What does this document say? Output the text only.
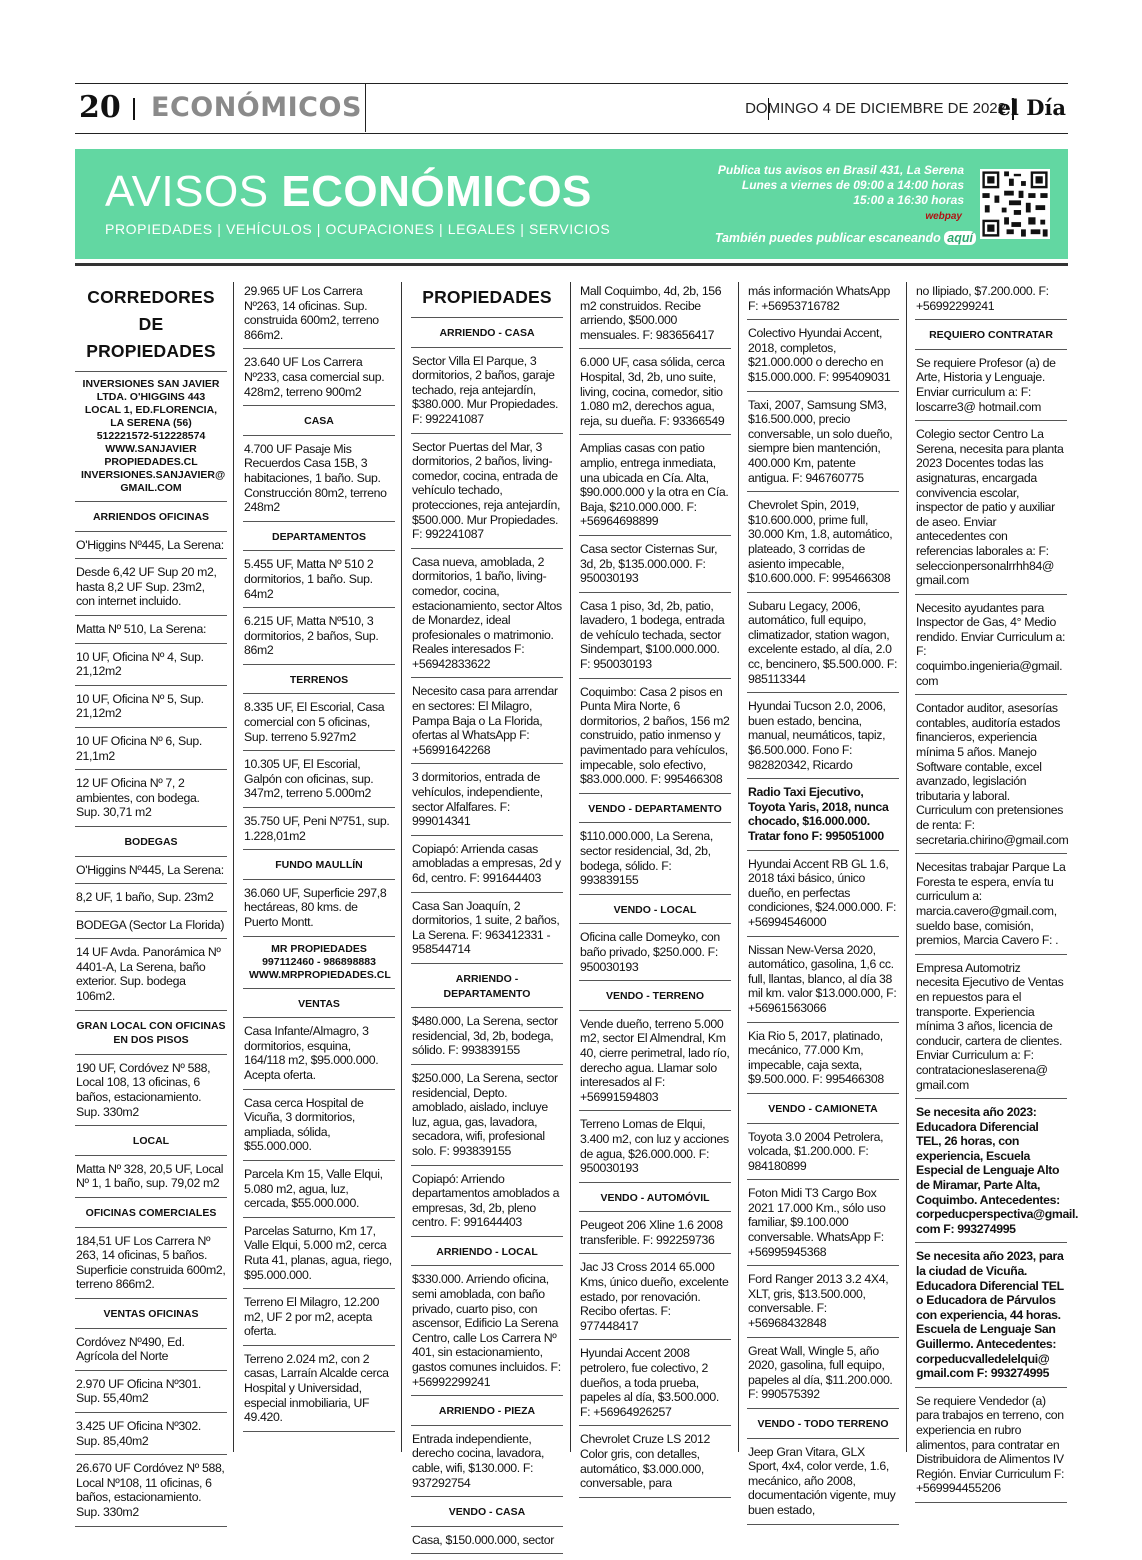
20 ECONÓMICOS	DOMINGO 4 DE DICIEMBRE DE 2022
el Día
AVISOS ECONÓMICOS
PROPIEDADES | VEHÍCULOS | OCUPACIONES | LEGALES | SERVICIOS
Publica tus avisos en Brasil 431, La Serena
Lunes a viernes de 09:00 a 14:00 horas
15:00 a 16:30 horas
webpay
También puedes publicar escaneando aquí
CORREDORES DE PROPIEDADES
INVERSIONES SAN JAVIER LTDA. O'HIGGINS 443 LOCAL 1, ED.FLORENCIA, LA SERENA (56) 512221572-512228574 WWW.SANJAVIER PROPIEDADES.CL INVERSIONES.SANJAVIER@ GMAIL.COM
ARRIENDOS OFICINAS
O'Higgins Nº445, La Serena:
Desde 6,42 UF Sup 20 m2, hasta 8,2 UF Sup. 23m2, con internet incluido.
Matta Nº 510, La Serena:
10 UF, Oficina Nº 4, Sup. 21,12m2
10 UF, Oficina Nº 5, Sup. 21,12m2
10 UF Oficina Nº 6, Sup. 21,1m2
12 UF Oficina Nº 7, 2 ambientes, con bodega. Sup. 30,71 m2
BODEGAS
O'Higgins Nº445, La Serena:
8,2 UF, 1 baño, Sup. 23m2
BODEGA (Sector La Florida)
14 UF Avda. Panorámica Nº 4401-A, La Serena, baño exterior. Sup. bodega 106m2.
GRAN LOCAL CON OFICINAS EN DOS PISOS
190 UF, Cordóvez Nº 588, Local 108, 13 oficinas, 6 baños, estacionamiento. Sup. 330m2
LOCAL
Matta Nº 328, 20,5 UF, Local Nº 1, 1 baño, sup. 79,02 m2
OFICINAS COMERCIALES
184,51 UF Los Carrera Nº 263, 14 oficinas, 5 baños. Superficie construida 600m2, terreno 866m2.
VENTAS OFICINAS
Cordóvez Nº490, Ed. Agrícola del Norte
2.970 UF Oficina Nº301. Sup. 55,40m2
3.425 UF Oficina Nº302. Sup. 85,40m2
26.670 UF Cordóvez Nº 588, Local Nº108, 11 oficinas, 6 baños, estacionamiento. Sup. 330m2
29.965 UF Los Carrera Nº263, 14 oficinas. Sup. construida 600m2, terreno 866m2.
23.640 UF Los Carrera Nº233, casa comercial sup. 428m2, terreno 900m2
CASA
4.700 UF Pasaje Mis Recuerdos Casa 15B, 3 habitaciones, 1 baño. Sup. Construcción 80m2, terreno 248m2
DEPARTAMENTOS
5.455 UF, Matta Nº 510 2 dormitorios, 1 baño. Sup. 64m2
6.215 UF, Matta Nº510, 3 dormitorios, 2 baños, Sup. 86m2
TERRENOS
8.335 UF, El Escorial, Casa comercial con 5 oficinas, Sup. terreno 5.927m2
10.305 UF, El Escorial, Galpón con oficinas, sup. 347m2, terreno 5.000m2
35.750 UF, Peni Nº751, sup. 1.228,01m2
FUNDO MAULLÍN
36.060 UF, Superficie 297,8 hectáreas, 80 kms. de Puerto Montt.
MR PROPIEDADES 997112460 - 986898883 WWW.MRPROPIEDADES.CL
VENTAS
Casa Infante/Almagro, 3 dormitorios, esquina, 164/118 m2, $95.000.000. Acepta oferta.
Casa cerca Hospital de Vicuña, 3 dormitorios, ampliada, sólida, $55.000.000.
Parcela Km 15, Valle Elqui, 5.080 m2, agua, luz, cercada, $55.000.000.
Parcelas Saturno, Km 17, Valle Elqui, 5.000 m2, cerca Ruta 41, planas, agua, riego, $95.000.000.
Terreno El Milagro, 12.200 m2, UF 2 por m2, acepta oferta.
Terreno 2.024 m2, con 2 casas, Larraín Alcalde cerca Hospital y Universidad, especial inmobiliaria, UF 49.420.
PROPIEDADES
ARRIENDO - CASA
Sector Villa El Parque, 3 dormitorios, 2 baños, garaje techado, reja antejardín, $380.000. Mur Propiedades. F: 992241087
Sector Puertas del Mar, 3 dormitorios, 2 baños, living-comedor, cocina, entrada de vehículo techado, protecciones, reja antejardín, $500.000. Mur Propiedades. F: 992241087
Casa nueva, amoblada, 2 dormitorios, 1 baño, living-comedor, cocina, estacionamiento, sector Altos de Monardez, ideal profesionales o matrimonio. Reales interesados F: +56942833622
Necesito casa para arrendar en sectores: El Milagro, Pampa Baja o La Florida, ofertas al WhatsApp F: +56991642268
3 dormitorios, entrada de vehículos, independiente, sector Alfalfares. F: 999014341
Copiapó: Arrienda casas amobladas a empresas, 2d y 6d, centro. F: 991644403
Casa San Joaquín, 2 dormitorios, 1 suite, 2 baños, La Serena. F: 963412331 - 958544714
ARRIENDO - DEPARTAMENTO
$480.000, La Serena, sector residencial, 3d, 2b, bodega, sólido. F: 993839155
$250.000, La Serena, sector residencial, Depto. amoblado, aislado, incluye luz, agua, gas, lavadora, secadora, wifi, profesional solo. F: 993839155
Copiapó: Arriendo departamentos amoblados a empresas, 3d, 2b, pleno centro. F: 991644403
ARRIENDO - LOCAL
$330.000. Arriendo oficina, semi amoblada, con baño privado, cuarto piso, con ascensor, Edificio La Serena Centro, calle Los Carrera Nº 401, sin estacionamiento, gastos comunes incluidos. F: +56992299241
ARRIENDO - PIEZA
Entrada independiente, derecho cocina, lavadora, cable, wifi, $130.000. F: 937292754
VENDO - CASA
Casa, $150.000.000, sector
Mall Coquimbo, 4d, 2b, 156 m2 construidos. Recibe arriendo, $500.000 mensuales. F: 983656417
6.000 UF, casa sólida, cerca Hospital, 3d, 2b, uno suite, living, cocina, comedor, sitio 1.080 m2, derechos agua, reja, su dueña. F: 93366549
Amplias casas con patio amplio, entrega inmediata, una ubicada en Cía. Alta, $90.000.000 y la otra en Cía. Baja, $210.000.000. F: +56964698899
Casa sector Cisternas Sur, 3d, 2b, $135.000.000. F: 950030193
Casa 1 piso, 3d, 2b, patio, lavadero, 1 bodega, entrada de vehículo techada, sector Sindempart, $100.000.000. F: 950030193
Coquimbo: Casa 2 pisos en Punta Mira Norte, 6 dormitorios, 2 baños, 156 m2 construido, patio inmenso y pavimentado para vehículos, impecable, solo efectivo, $83.000.000. F: 995466308
VENDO - DEPARTAMENTO
$110.000.000, La Serena, sector residencial, 3d, 2b, bodega, sólido. F: 993839155
VENDO - LOCAL
Oficina calle Domeyko, con baño privado, $250.000. F: 950030193
VENDO - TERRENO
Vende dueño, terreno 5.000 m2, sector El Almendral, Km 40, cierre perimetral, lado río, derecho agua. Llamar solo interesados al F: +56991594803
Terreno Lomas de Elqui, 3.400 m2, con luz y acciones de agua, $26.000.000. F: 950030193
VENDO - AUTOMÓVIL
Peugeot 206 Xline 1.6 2008 transferible. F: 992259736
Jac J3 Cross 2014 65.000 Kms, único dueño, excelente estado, por renovación. Recibo ofertas. F: 977448417
Hyundai Accent 2008 petrolero, fue colectivo, 2 dueños, a toda prueba, papeles al día, $3.500.000. F: +56964926257
Chevrolet Cruze LS 2012 Color gris, con detalles, automático, $3.000.000, conversable, para
más información WhatsApp F: +56953716782
Colectivo Hyundai Accent, 2018, completos, $21.000.000 o derecho en $15.000.000. F: 995409031
Taxi, 2007, Samsung SM3, $16.500.000, precio conversable, un solo dueño, siempre bien mantención, 400.000 Km, patente antigua. F: 946760775
Chevrolet Spin, 2019, $10.600.000, prime full, 30.000 Km, 1.8, automático, plateado, 3 corridas de asiento impecable, $10.600.000. F: 995466308
Subaru Legacy, 2006, automático, full equipo, climatizador, station wagon, excelente estado, al día, 2.0 cc, bencinero, $5.500.000. F: 985113344
Hyundai Tucson 2.0, 2006, buen estado, bencina, manual, neumáticos, tapiz, $6.500.000. Fono F: 982820342, Ricardo
Radio Taxi Ejecutivo, Toyota Yaris, 2018, nunca chocado, $16.000.000. Tratar fono F: 995051000
Hyundai Accent RB GL 1.6, 2018 táxi básico, único dueño, en perfectas condiciones, $24.000.000. F: +56994546000
Nissan New-Versa 2020, automático, gasolina, 1,6 cc. full, llantas, blanco, al día 38 mil km. valor $13.000.000, F: +56961563066
Kia Rio 5, 2017, platinado, mecánico, 77.000 Km, impecable, caja sexta, $9.500.000. F: 995466308
VENDO - CAMIONETA
Toyota 3.0 2004 Petrolera, volcada, $1.200.000. F: 984180899
Foton Midi T3 Cargo Box 2021 17.000 Km., sólo uso familiar, $9.100.000 conversable. WhatsApp F: +56995945368
Ford Ranger 2013 3.2 4X4, XLT, gris, $13.500.000, conversable. F: +56968432848
Great Wall, Wingle 5, año 2020, gasolina, full equipo, papeles al día, $11.200.000. F: 990575392
VENDO - TODO TERRENO
Jeep Gran Vitara, GLX Sport, 4x4, color verde, 1.6, mecánico, año 2008, documentación vigente, muy buen estado,
no Ilipiado, $7.200.000. F: +56992299241
REQUIERO CONTRATAR
Se requiere Profesor (a) de Arte, Historia y Lenguaje. Enviar curriculum a: F: loscarre3@ hotmail.com
Colegio sector Centro La Serena, necesita para planta 2023 Docentes todas las asignaturas, encargada convivencia escolar, inspector de patio y auxiliar de aseo. Enviar antecedentes con referencias laborales a: F: seleccionpersonalrrhh84@ gmail.com
Necesito ayudantes para Inspector de Gas, 4° Medio rendido. Enviar Curriculum a: F: coquimbo.ingenieria@gmail. com
Contador auditor, asesorías contables, auditoría estados financieros, experiencia mínima 5 años. Manejo Software contable, excel avanzado, legislación tributaria y laboral. Curriculum con pretensiones de renta: F: secretaria.chirino@gmail.com
Necesitas trabajar Parque La Foresta te espera, envía tu curriculum a: marcia.cavero@gmail.com, sueldo base, comisión, premios, Marcia Cavero F: .
Empresa Automotriz necesita Ejecutivo de Ventas en repuestos para el transporte. Experiencia mínima 3 años, licencia de conducir, cartera de clientes. Enviar Curriculum a: F: contratacioneslaserena@ gmail.com
Se necesita año 2023: Educadora Diferencial TEL, 26 horas, con experiencia, Escuela Especial de Lenguaje Alto de Miramar, Parte Alta, Coquimbo. Antecedentes: corpeducperspectiva@gmail. com F: 993274995
Se necesita año 2023, para la ciudad de Vicuña. Educadora Diferencial TEL o Educadora de Párvulos con experiencia, 44 horas. Escuela de Lenguaje San Guillermo. Antecedentes: corpeducvalledelelqui@ gmail.com F: 993274995
Se requiere Vendedor (a) para trabajos en terreno, con experiencia en rubro alimentos, para contratar en Distribuidora de Alimentos IV Región. Enviar Curriculum F: +569994455206
